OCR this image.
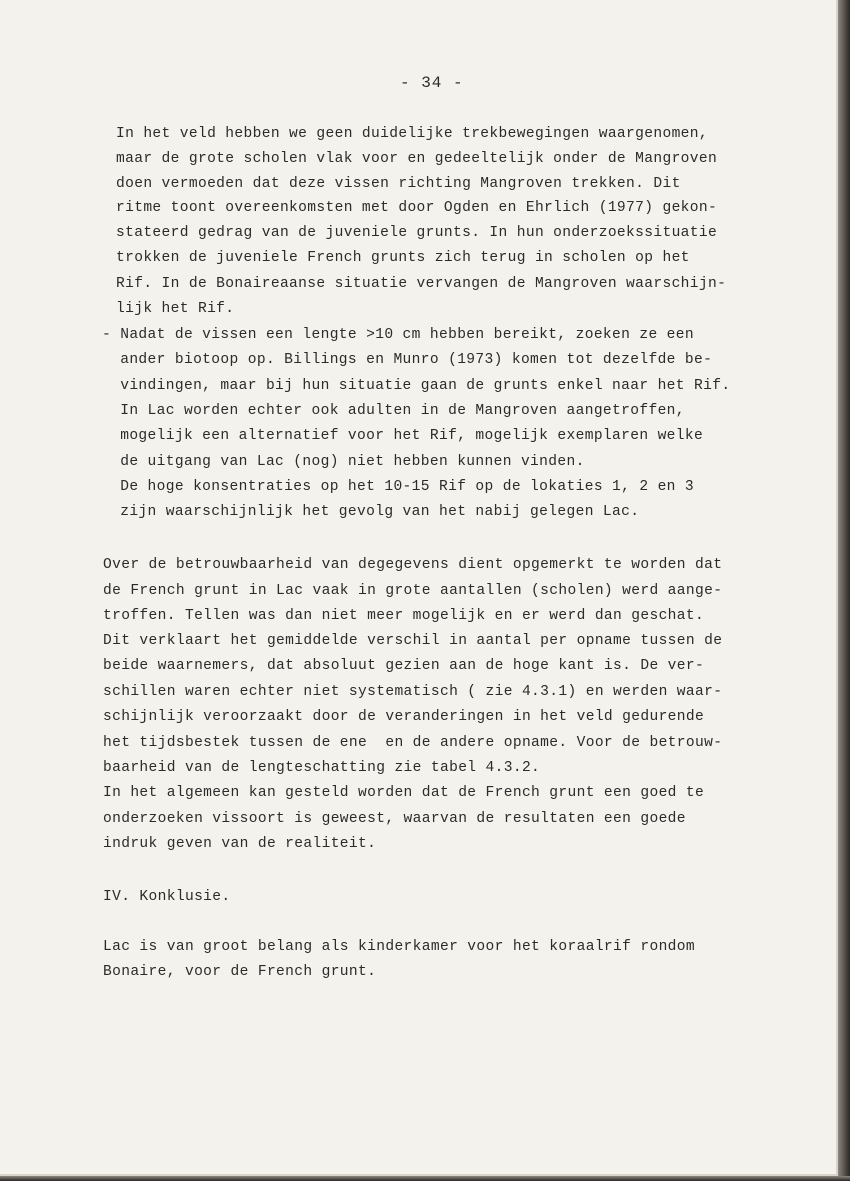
- 34 -
In het veld hebben we geen duidelijke trekbewegingen waargenomen,
maar de grote scholen vlak voor en gedeeltelijk onder de Mangroven
doen vermoeden dat deze vissen richting Mangroven trekken. Dit
ritme toont overeenkomsten met door Ogden en Ehrlich (1977) gekon-
stateerd gedrag van de juveniele grunts. In hun onderzoekssituatie
trokken de juveniele French grunts zich terug in scholen op het
Rif. In de Bonaireaanse situatie vervangen de Mangroven waarschijn-
lijk het Rif.
- Nadat de vissen een lengte >10 cm hebben bereikt, zoeken ze een
ander biotoop op. Billings en Munro (1973) komen tot dezelfde be-
vindingen, maar bij hun situatie gaan de grunts enkel naar het Rif.
In Lac worden echter ook adulten in de Mangroven aangetroffen,
mogelijk een alternatief voor het Rif, mogelijk exemplaren welke
de uitgang van Lac (nog) niet hebben kunnen vinden.
De hoge konsentraties op het 10-15 Rif op de lokaties 1, 2 en 3
zijn waarschijnlijk het gevolg van het nabij gelegen Lac.
Over de betrouwbaarheid van degegevens dient opgemerkt te worden dat
de French grunt in Lac vaak in grote aantallen (scholen) werd aange-
troffen. Tellen was dan niet meer mogelijk en er werd dan geschat.
Dit verklaart het gemiddelde verschil in aantal per opname tussen de
beide waarnemers, dat absoluut gezien aan de hoge kant is. De ver-
schillen waren echter niet systematisch ( zie 4.3.1) en werden waar-
schijnlijk veroorzaakt door de veranderingen in het veld gedurende
het tijdsbestek tussen de ene  en de andere opname. Voor de betrouw-
baarheid van de lengteschatting zie tabel 4.3.2.
In het algemeen kan gesteld worden dat de French grunt een goed te
onderzoeken vissoort is geweest, waarvan de resultaten een goede
indruk geven van de realiteit.
IV. Konklusie.
Lac is van groot belang als kinderkamer voor het koraalrif rondom
Bonaire, voor de French grunt.
